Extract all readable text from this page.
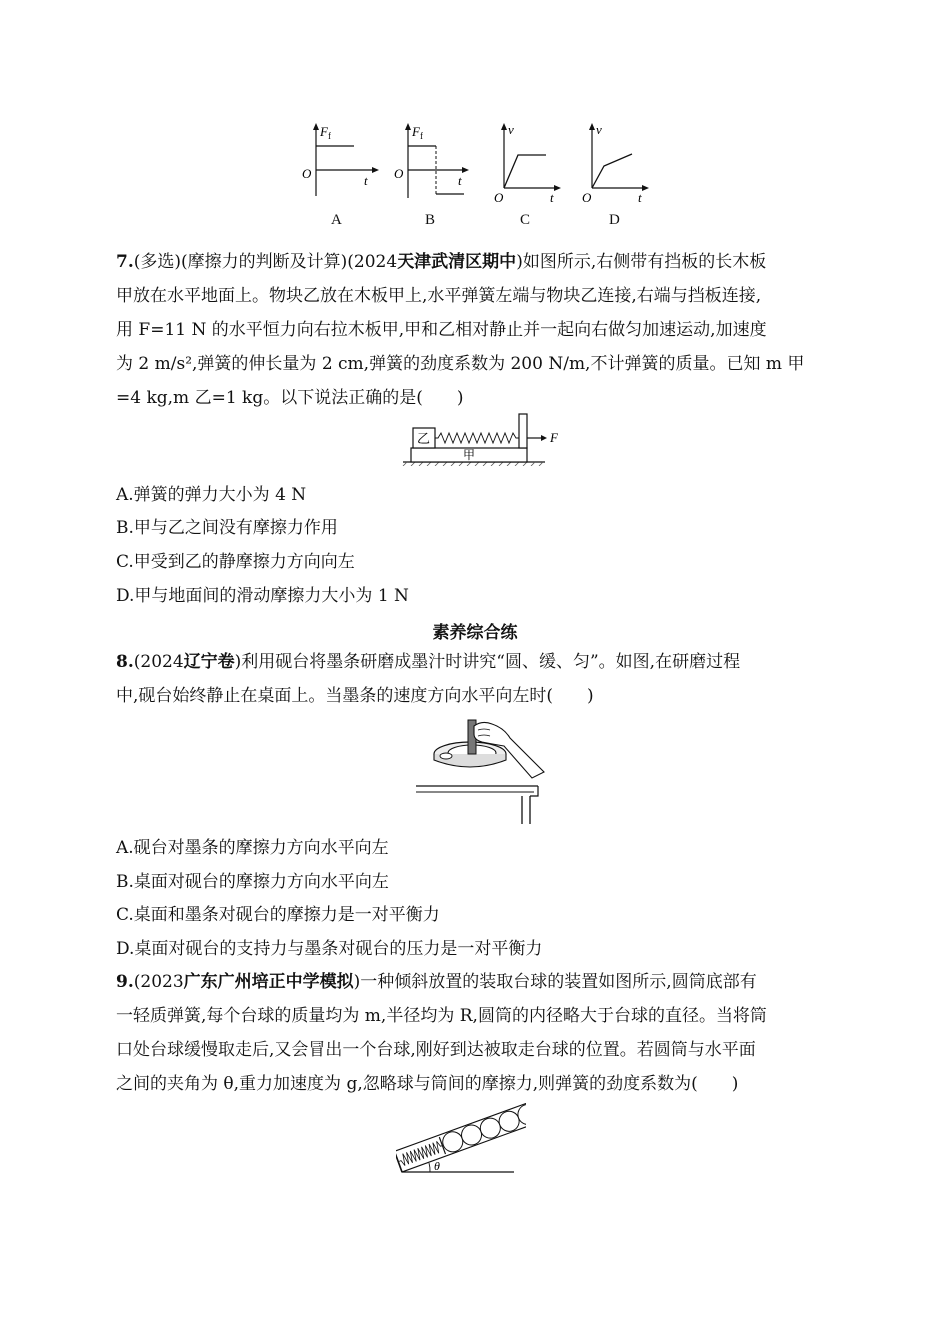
O	t
F f
O	t
F f
O	t
v
O	t
v
A	B	C	D
7.(多选)(摩擦力的判断及计算)(2024天津武清区期中)如图所示,右侧带有挡板的长木板
甲放在水平地面上。物块乙放在木板甲上,水平弹簧左端与物块乙连接,右端与挡板连接,
用 F=11 N 的水平恒力向右拉木板甲,甲和乙相对静止并一起向右做匀加速运动,加速度
为 2 m/s²,弹簧的伸长量为 2 cm,弹簧的劲度系数为 200 N/m,不计弹簧的质量。已知 m 甲
=4 kg,m 乙=1 kg。以下说法正确的是(　　)
乙
甲
F
A.弹簧的弹力大小为 4 N
B.甲与乙之间没有摩擦力作用
C.甲受到乙的静摩擦力方向向左
D.甲与地面间的滑动摩擦力大小为 1 N
素养综合练
8.(2024辽宁卷)利用砚台将墨条研磨成墨汁时讲究“圆、缓、匀”。如图,在研磨过程
中,砚台始终静止在桌面上。当墨条的速度方向水平向左时(　　)
A.砚台对墨条的摩擦力方向水平向左
B.桌面对砚台的摩擦力方向水平向左
C.桌面和墨条对砚台的摩擦力是一对平衡力
D.桌面对砚台的支持力与墨条对砚台的压力是一对平衡力
9.(2023广东广州培正中学模拟)一种倾斜放置的装取台球的装置如图所示,圆筒底部有
一轻质弹簧,每个台球的质量均为 m,半径均为 R,圆筒的内径略大于台球的直径。当将筒
口处台球缓慢取走后,又会冒出一个台球,刚好到达被取走台球的位置。若圆筒与水平面
之间的夹角为 θ,重力加速度为 g,忽略球与筒间的摩擦力,则弹簧的劲度系数为(　　)
θ
